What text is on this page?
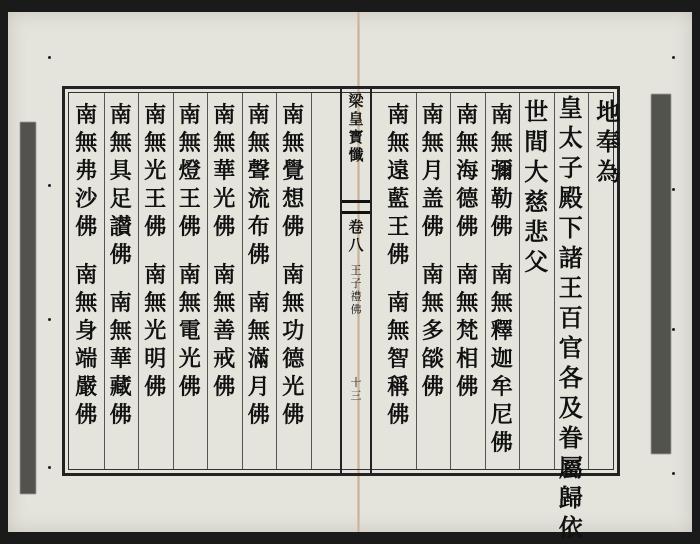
南
無
弗
沙
佛
南
無
身
端
嚴
佛
南
無
具
足
讃
佛
南
無
華
藏
佛
南
無
光
王
佛
南
無
光
明
佛
南
無
燈
王
佛
南
無
電
光
佛
南
無
華
光
佛
南
無
善
戒
佛
南
無
聲
流
布
佛
南
無
滿
月
佛
南
無
覺
想
佛
南
無
功
德
光
佛
南
無
遠
藍
王
佛
南
無
智
稱
佛
南
無
月
盖
佛
南
無
多
燄
佛
南
無
海
德
佛
南
無
梵
相
佛
南
無
彌
勒
佛
南
無
釋
迦
牟
尼
佛
世
間
大
慈
悲
父
皇
太
子
殿
下
諸
王
百
官
各
及
眷
屬
歸
依
地
奉
為
梁
皇
寳
懺
卷
八
王
子
禮
佛
十
三
